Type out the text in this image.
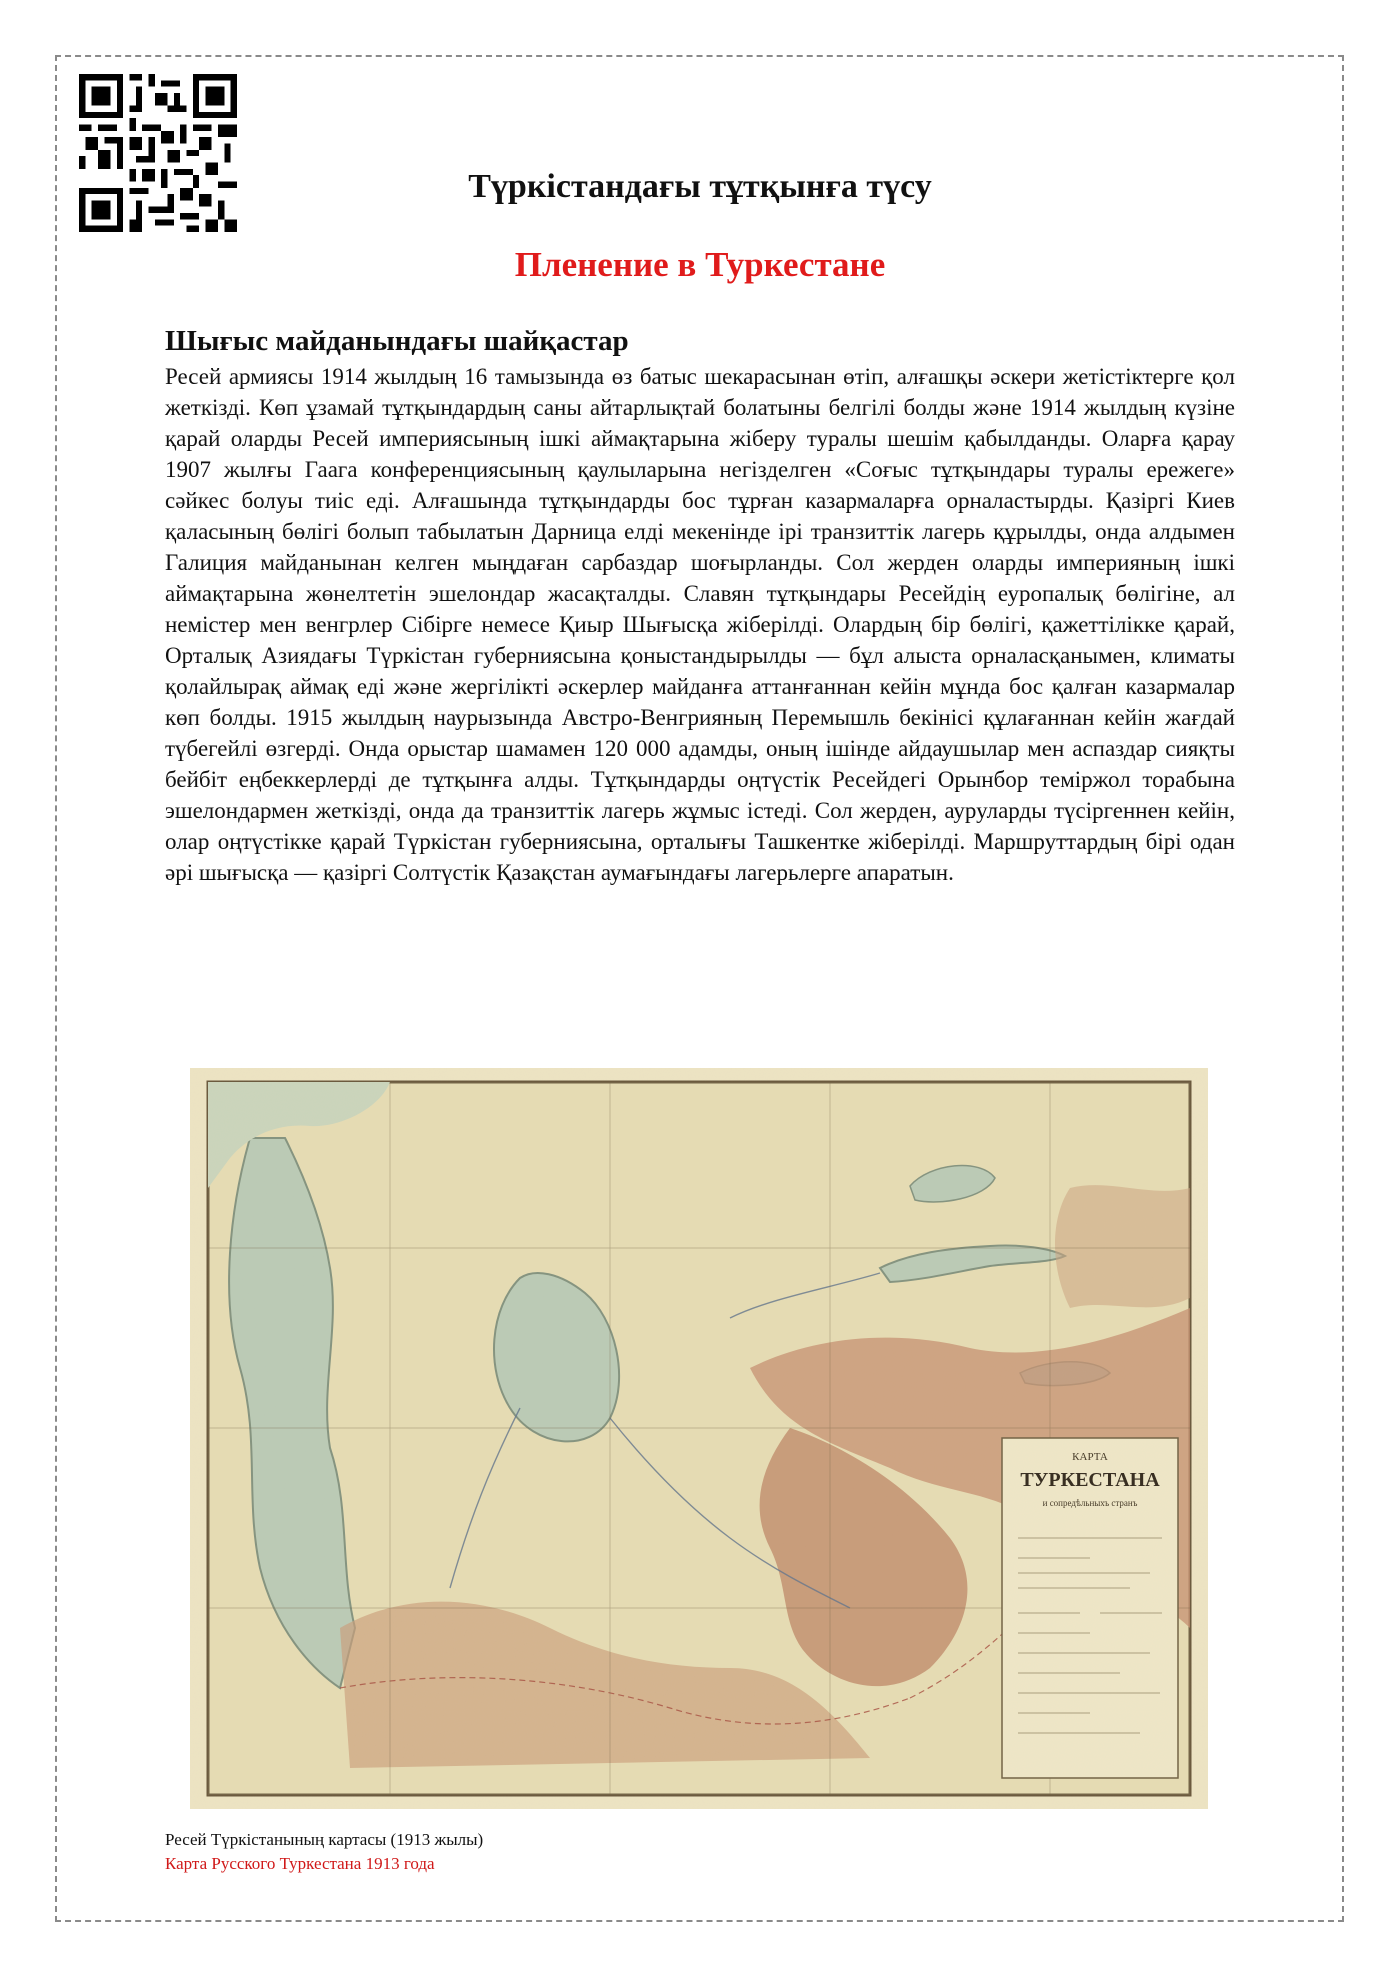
Түркістандағы тұтқынға түсу
Пленение в Туркестане
Шығыс майданындағы шайқастар

Ресей армиясы 1914 жылдың 16 тамызында өз батыс шекарасынан өтіп, алғашқы әскери жетістіктерге қол жеткізді. Көп ұзамай тұтқындардың саны айтарлықтай болатыны белгілі болды және 1914 жылдың күзіне қарай оларды Ресей империясының ішкі аймақтарына жіберу туралы шешім қабылданды. Оларға қарау 1907 жылғы Гаага конференциясының қаулыларына негізделген «Соғыс тұтқындары туралы ережеге» сәйкес болуы тиіс еді. Алғашында тұтқындарды бос тұрған казармаларға орналастырды. Қазіргі Киев қаласының бөлігі болып табылатын Дарница елді мекенінде ірі транзиттік лагерь құрылды, онда алдымен Галиция майданынан келген мыңдаған сарбаздар шоғырланды. Сол жерден оларды империяның ішкі аймақтарына жөнелтетін эшелондар жасақталды. Славян тұтқындары Ресейдің еуропалық бөлігіне, ал немістер мен венгрлер Сібірге немесе Қиыр Шығысқа жіберілді. Олардың бір бөлігі, қажеттілікке қарай, Орталық Азиядағы Түркістан губерниясына қоныстандырылды — бұл алыста орналасқанымен, климаты қолайлырақ аймақ еді және жергілікті әскерлер майданға аттанғаннан кейін мұнда бос қалған казармалар көп болды. 1915 жылдың наурызында Австро-Венгрияның Перемышль бекінісі құлағаннан кейін жағдай түбегейлі өзгерді. Онда орыстар шамамен 120 000 адамды, оның ішінде айдаушылар мен аспаздар сияқты бейбіт еңбеккерлерді де тұтқынға алды. Тұтқындарды оңтүстік Ресейдегі Орынбор теміржол торабына эшелондармен жеткізді, онда да транзиттік лагерь жұмыс істеді. Сол жерден, ауруларды түсіргеннен кейін, олар оңтүстікке қарай Түркістан губерниясына, орталығы Ташкентке жіберілді. Маршруттардың бірі одан әрі шығысқа — қазіргі Солтүстік Қазақстан аумағындағы лагерьлерге апаратын.

КАРТА
ТУРКЕСТАНА
и сопредѣльныхъ странъ
Ресей Түркістанының картасы (1913 жылы)
Карта Русского Туркестана 1913 года
